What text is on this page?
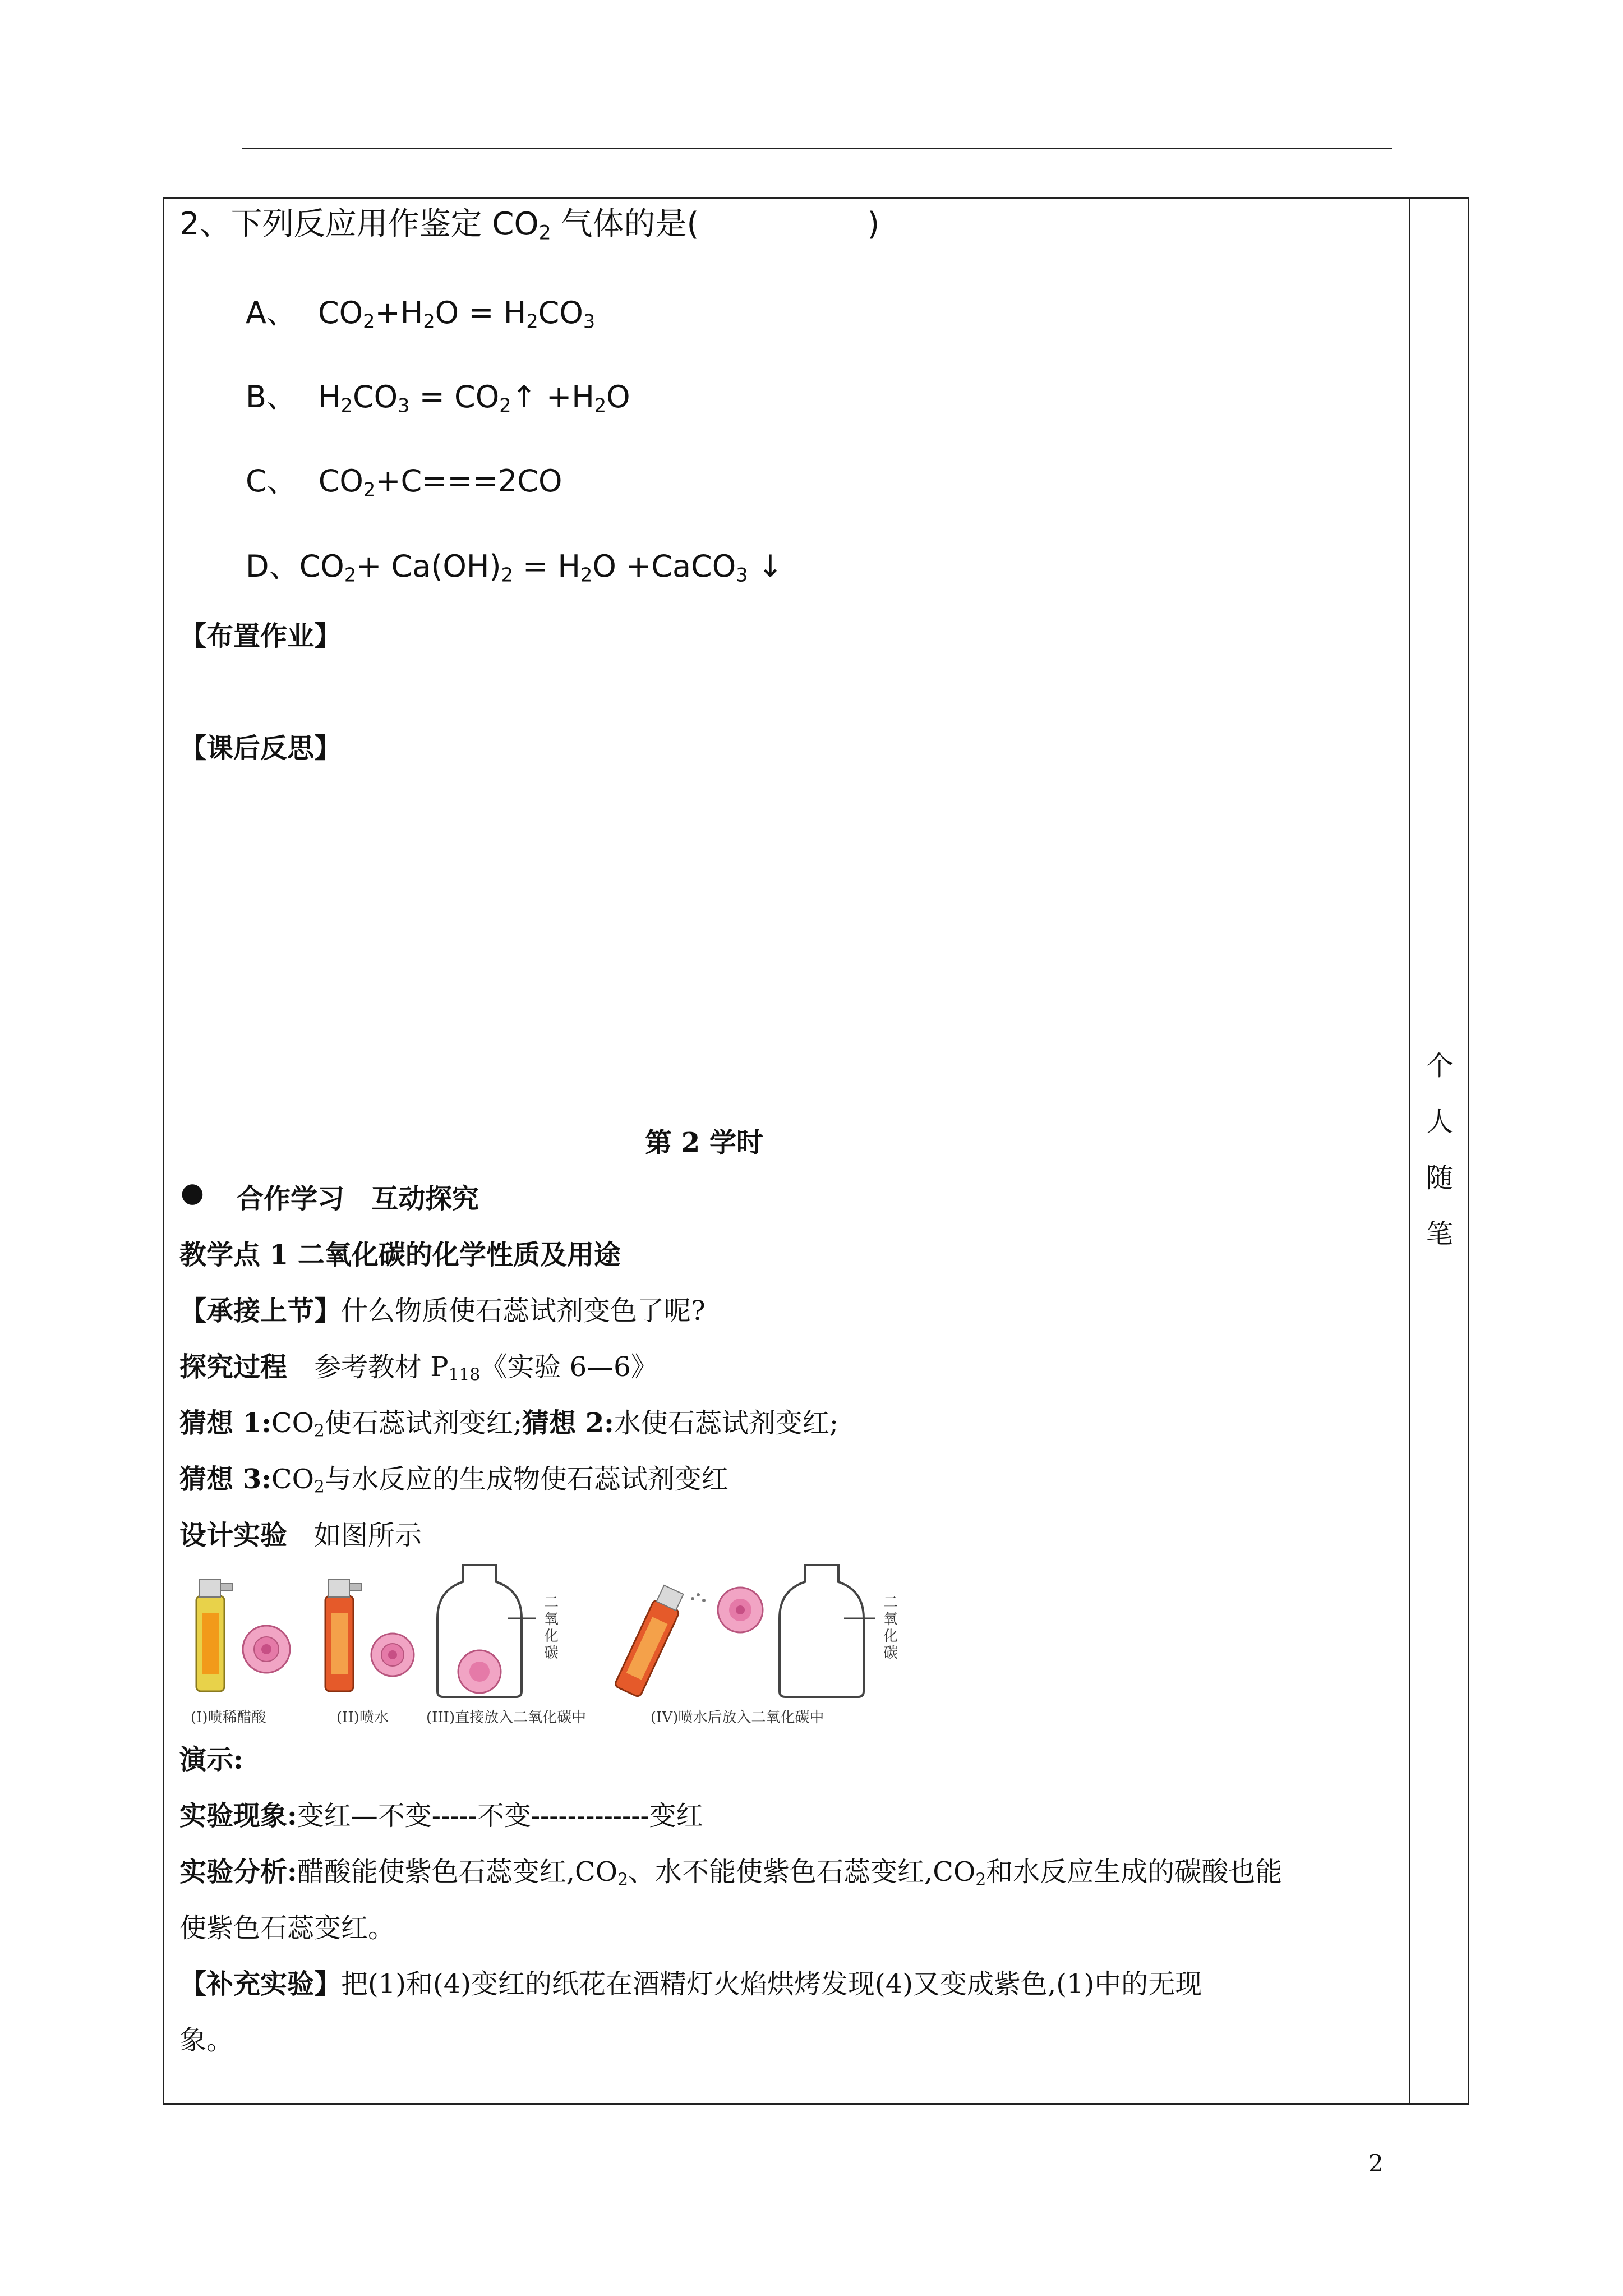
个
人
随
笔
2、下列反应用作鉴定 $CO_2$ 气体的是(	)
A、 $CO_2+H_2O = H_2CO_3$
B、 $H_2CO_3$ = $CO_2↑ +H_2O$
C、 $CO_2+C===2CO$
D、$CO_2+ Ca(OH)_2 = H_2O$ +CaCO$_3$ ↓
【布置作业】
【课后反思】
第 2 学时
● 合作学习　互动探究
教学点 1 二氧化碳的化学性质及用途
【承接上节】什么物质使石蕊试剂变色了呢?
探究过程　参考教材 $P_{118}$《实验 6—6》
猜想 $1:CO_2$使石蕊试剂变红;猜想 2:水使石蕊试剂变红;
猜想 $3:CO_2$与水反应的生成物使石蕊试剂变红
设计实验　如图所示
二
氧
化
碳
二
氧
化
碳
(I)喷稀醋酸	(II)喷水	(III)直接放入二氧化碳中	(IV)喷水后放入二氧化碳中
演示:
实验现象:变红—不变-----不变-------------变红
实验分析:醋酸能使紫色石蕊变红$,CO_2$、水不能使紫色石蕊变红$,CO_2$和水反应生成的碳酸也能
使紫色石蕊变红。
【补充实验】把(1)和(4)变红的纸花在酒精灯火焰烘烤发现(4)又变成紫色,(1)中的无现
象。
2
